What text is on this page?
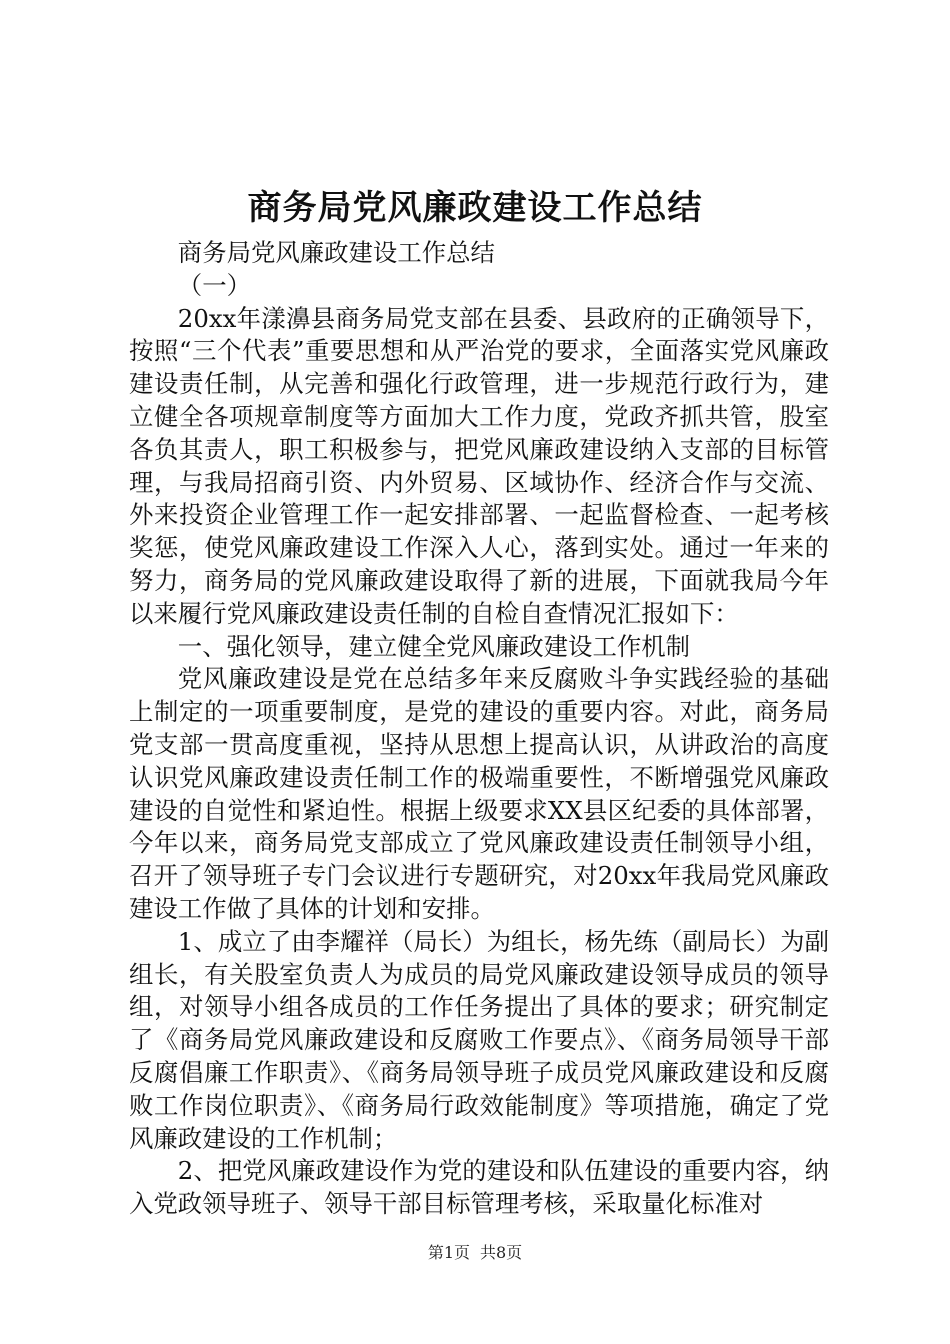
商务局党风廉政建设工作总结

商务局党风廉政建设工作总结

（一）

20xx年漾濞县商务局党支部在县委、县政府的正确领导下，按照“三个代表”重要思想和从严治党的要求，全面落实党风廉政建设责任制，从完善和强化行政管理，进一步规范行政行为，建立健全各项规章制度等方面加大工作力度，党政齐抓共管，股室各负其责人，职工积极参与，把党风廉政建设纳入支部的目标管理，与我局招商引资、内外贸易、区域协作、经济合作与交流、外来投资企业管理工作一起安排部署、一起监督检查、一起考核奖惩，使党风廉政建设工作深入人心，落到实处。通过一年来的努力，商务局的党风廉政建设取得了新的进展，下面就我局今年以来履行党风廉政建设责任制的自检自查情况汇报如下：

一、强化领导，建立健全党风廉政建设工作机制

党风廉政建设是党在总结多年来反腐败斗争实践经验的基础上制定的一项重要制度，是党的建设的重要内容。对此，商务局党支部一贯高度重视，坚持从思想上提高认识，从讲政治的高度认识党风廉政建设责任制工作的极端重要性，不断增强党风廉政建设的自觉性和紧迫性。根据上级要求XX县区纪委的具体部署，今年以来，商务局党支部成立了党风廉政建设责任制领导小组，召开了领导班子专门会议进行专题研究，对20xx年我局党风廉政建设工作做了具体的计划和安排。

1、成立了由李耀祥（局长）为组长，杨先练（副局长）为副组长，有关股室负责人为成员的局党风廉政建设领导成员的领导组，对领导小组各成员的工作任务提出了具体的要求；研究制定了《商务局党风廉政建设和反腐败工作要点》、《商务局领导干部反腐倡廉工作职责》、《商务局领导班子成员党风廉政建设和反腐败工作岗位职责》、《商务局行政效能制度》等项措施，确定了党风廉政建设的工作机制；

2、把党风廉政建设作为党的建设和队伍建设的重要内容，纳入党政领导班子、领导干部目标管理考核，采取量化标准对

第1页 共8页
